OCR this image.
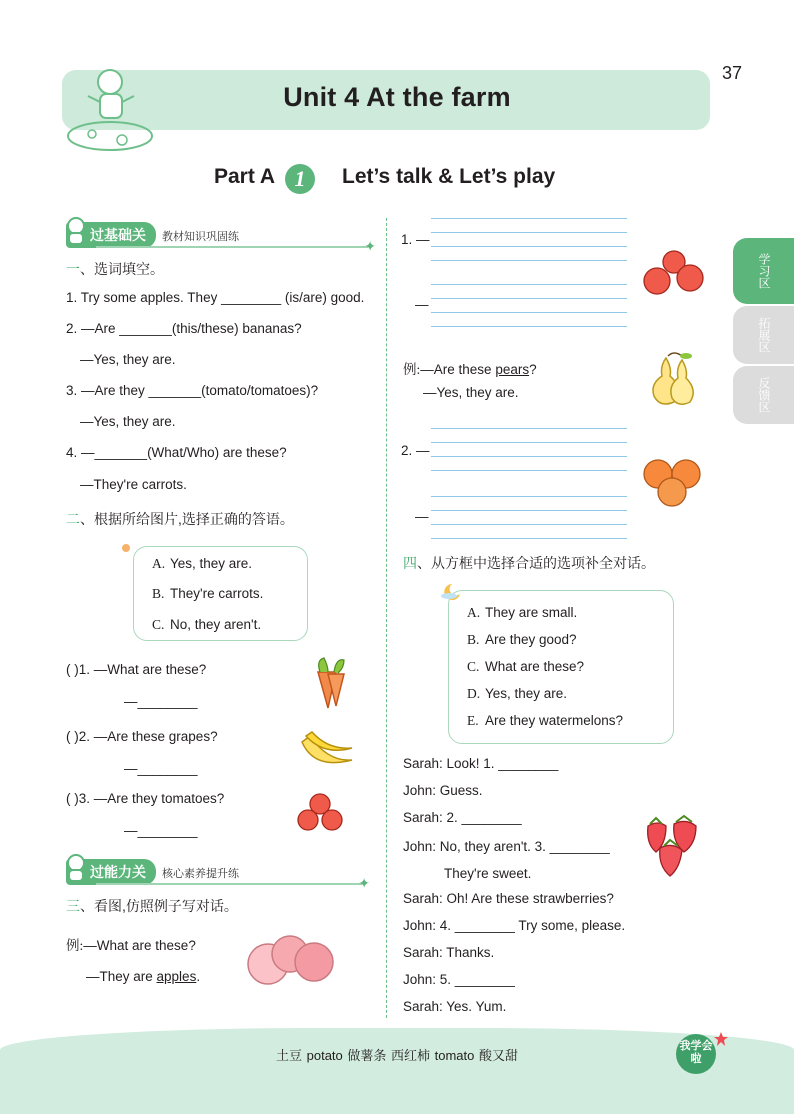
Unit 4 At the farm
37
Part A 1	Let’s talk & Let’s play
过基础关 教材知识巩固练
✦
一、选词填空。
1. Try some apples. They ________ (is/are) good.
2. —Are _______(this/these) bananas?
—Yes, they are.
3. —Are they _______(tomato/tomatoes)?
—Yes, they are.
4. —_______(What/Who) are these?
—They're carrots.
二、根据所给图片,选择正确的答语。
A. Yes, they are.
B. They're carrots.
C. No, they aren't.
( )1. —What are these?
—________
( )2. —Are these grapes?
—________
( )3. —Are they tomatoes?
—________
过能力关 核心素养提升练
✦
三、看图,仿照例子写对话。
例:—What are these?
—They are apples.
1. —
—
例:—Are these pears?
—Yes, they are.
2. —
—
四、从方框中选择合适的选项补全对话。
A. They are small.
B. Are they good?
C. What are these?
D. Yes, they are.
E. Are they watermelons?
Sarah: Look! 1. ________
John: Guess.
Sarah: 2. ________
John: No, they aren't. 3. ________
They're sweet.
Sarah: Oh! Are these strawberries?
John: 4. ________ Try some, please.
Sarah: Thanks.
John: 5. ________
Sarah: Yes. Yum.
学习区
拓展区
反馈区
土豆 potato 做薯条 西红柿 tomato 酸又甜
我学会啦
